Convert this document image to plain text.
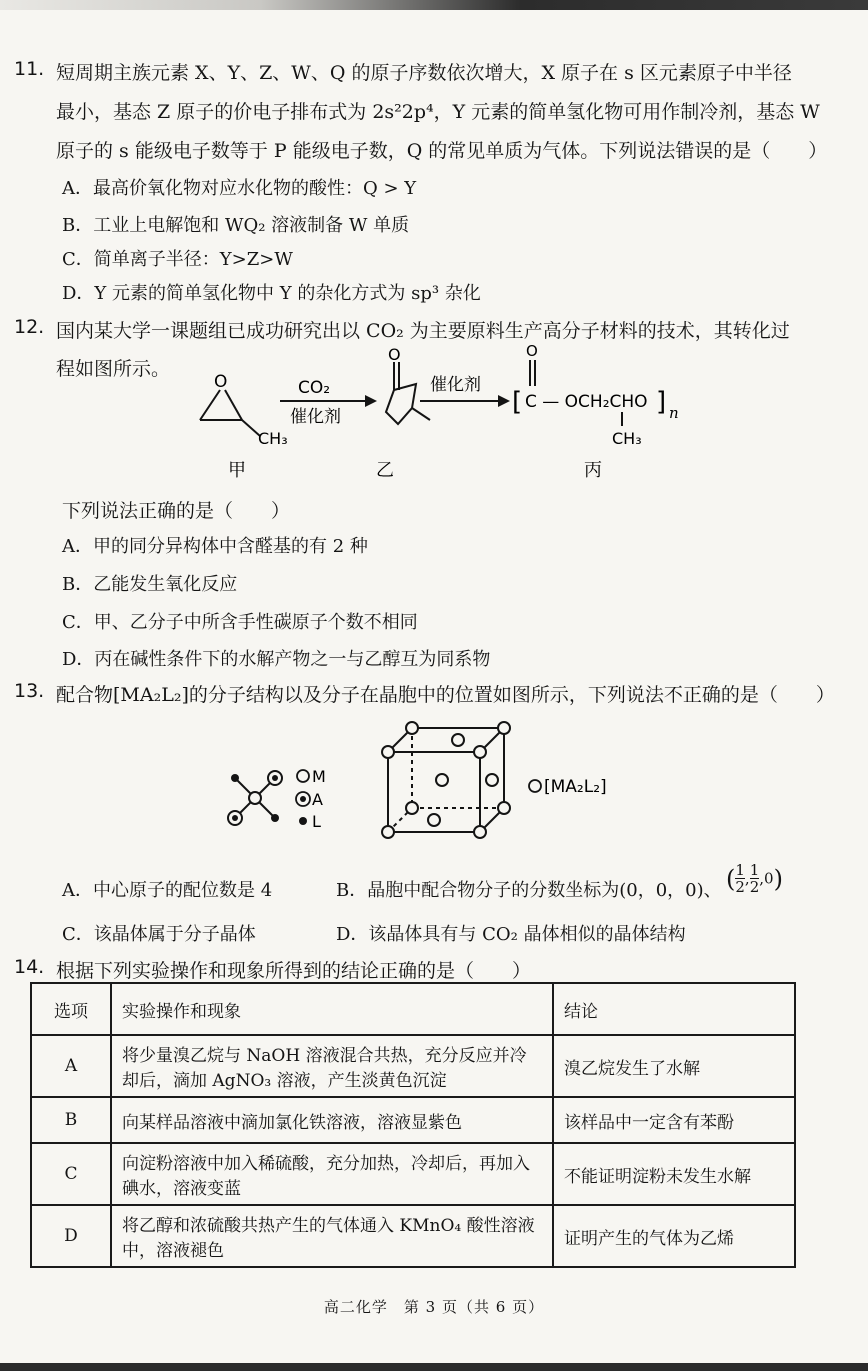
11. 短周期主族元素 X、Y、Z、W、Q 的原子序数依次增大，X 原子在 s 区元素原子中半径
最小，基态 Z 原子的价电子排布式为 2s²2p⁴，Y 元素的简单氢化物可用作制冷剂，基态 W
原子的 s 能级电子数等于 P 能级电子数，Q 的常见单质为气体。下列说法错误的是（　　）
A．最高价氧化物对应水化物的酸性：Q > Y
B．工业上电解饱和 WQ₂ 溶液制备 W 单质
C．简单离子半径：Y>Z>W
D．Y 元素的简单氢化物中 Y 的杂化方式为 sp³ 杂化
12. 国内某大学一课题组已成功研究出以 CO₂ 为主要原料生产高分子材料的技术，其转化过
程如图所示。
O
CH₃
CO₂
催化剂
O
催化剂
[
O
C — OCH₂CHO
CH₃
] n
甲	乙	丙
下列说法正确的是（　　）
A．甲的同分异构体中含醛基的有 2 种
B．乙能发生氧化反应
C．甲、乙分子中所含手性碳原子个数不相同
D．丙在碱性条件下的水解产物之一与乙醇互为同系物
13. 配合物[MA₂L₂]的分子结构以及分子在晶胞中的位置如图所示，下列说法不正确的是（　　）
M
A
L
[MA₂L₂]
A．中心原子的配位数是 4	B．晶胞中配合物分子的分数坐标为(0，0，0)、 ( $\frac{1}{2}$ , $\frac{1}{2} ,0$)
C．该晶体属于分子晶体	D．该晶体具有与 CO₂ 晶体相似的晶体结构
14. 根据下列实验操作和现象所得到的结论正确的是（　　）
选项	实验操作和现象	结论
A	将少量溴乙烷与 NaOH 溶液混合共热，充分反应并冷却后，滴加 AgNO₃ 溶液，产生淡黄色沉淀	溴乙烷发生了水解
B	向某样品溶液中滴加氯化铁溶液，溶液显紫色	该样品中一定含有苯酚
C	向淀粉溶液中加入稀硫酸，充分加热，冷却后，再加入碘水，溶液变蓝	不能证明淀粉未发生水解
D	将乙醇和浓硫酸共热产生的气体通入 KMnO₄ 酸性溶液中，溶液褪色	证明产生的气体为乙烯
高二化学　第 3 页（共 6 页）
